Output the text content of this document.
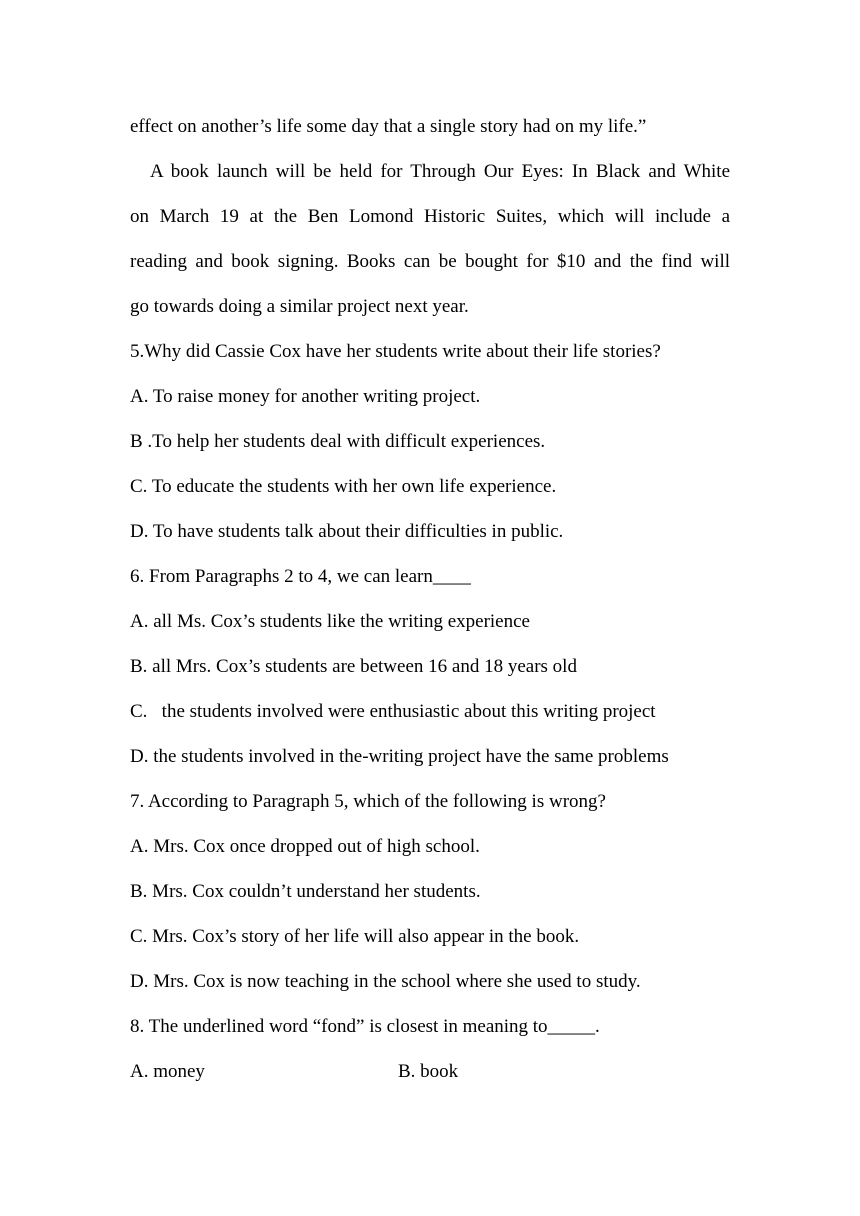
effect on another’s life some day that a single story had on my life.”

A book launch will be held for Through Our Eyes: In Black and White

on March 19 at the Ben Lomond Historic Suites, which will include a

reading and book signing. Books can be bought for $10 and the find will

go towards doing a similar project next year.

5.Why did Cassie Cox have her students write about their life stories?

A. To raise money for another writing project.

B .To help her students deal with difficult experiences.

C. To educate the students with her own life experience.

D. To have students talk about their difficulties in public.

6. From Paragraphs 2 to 4, we can learn____

A. all Ms. Cox’s students like the writing experience

B. all Mrs. Cox’s students are between 16 and 18 years old

C.   the students involved were enthusiastic about this writing project

D. the students involved in the-writing project have the same problems

7. According to Paragraph 5, which of the following is wrong?

A. Mrs. Cox once dropped out of high school.

B. Mrs. Cox couldn’t understand her students.

C. Mrs. Cox’s story of her life will also appear in the book.

D. Mrs. Cox is now teaching in the school where she used to study.

8. The underlined word “fond” is closest in meaning to_____.

A. money	B. book
